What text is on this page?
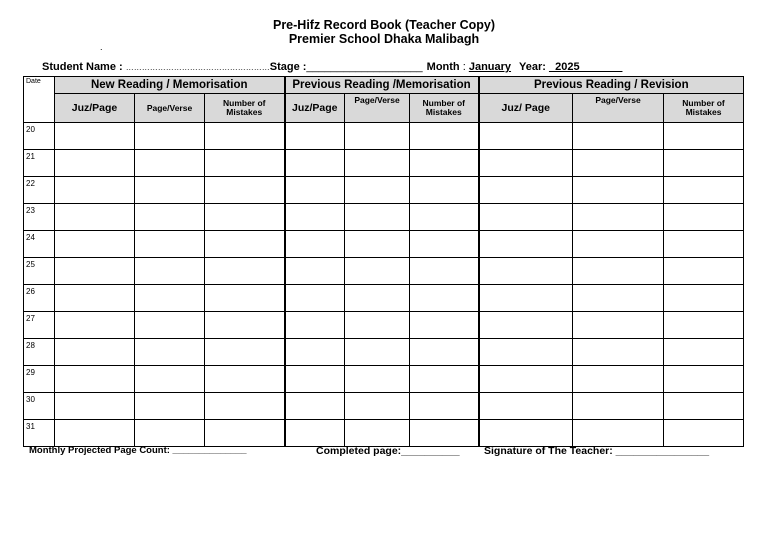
Pre-Hifz Record Book (Teacher Copy)
Premier School Dhaka Malibagh
.
Student Name : ………………………………………………Stage :___________________ Month : January Year: _2025_______
Date	New Reading / Memorisation			Previous Reading /Memorisation			Previous Reading / Revision		
	Juz/Page	Page/Verse	Number of Mistakes	Juz/Page	Page/Verse	Number of Mistakes	Juz/ Page	Page/Verse	Number of Mistakes
20									
21									
22									
23									
24									
25									
26									
27									
28									
29									
30									
31									
Monthly Projected Page Count: ______________	Completed page:__________ Signature of The Teacher: ________________
